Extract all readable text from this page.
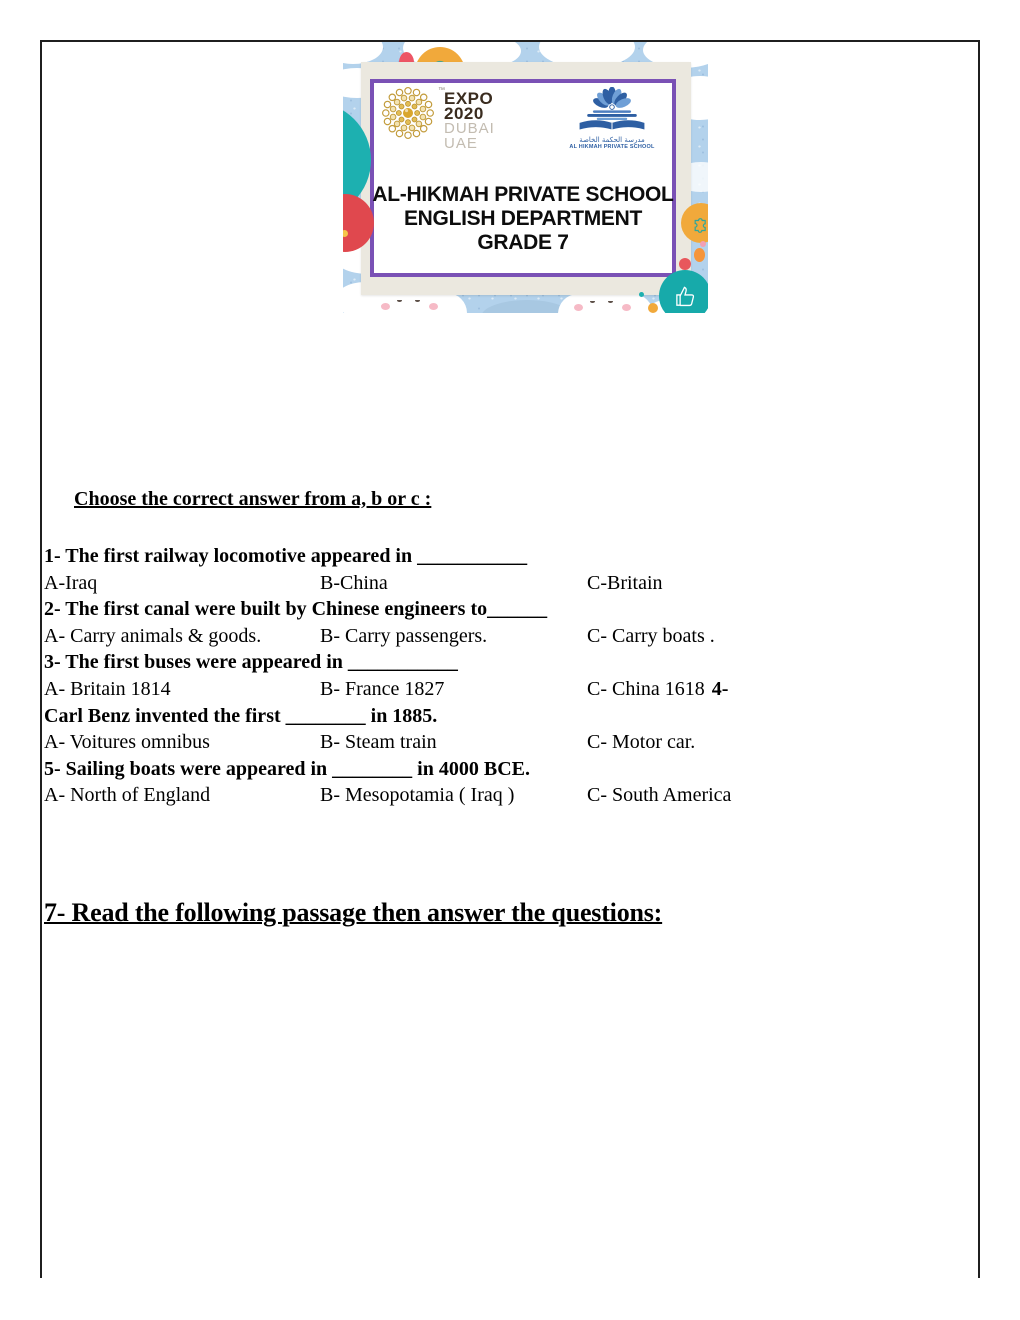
™ EXPO
2020
DUBAI
UAE	مدرسة الحكمة الخاصة
AL HIKMAH PRIVATE SCHOOL
AL-HIKMAH PRIVATE SCHOOL
ENGLISH DEPARTMENT
GRADE 7
Choose the correct answer from a, b or c :
1- The first railway locomotive appeared in ___________
A-Iraq	B-China	C-Britain
2- The first canal were built by Chinese engineers to______
A- Carry animals & goods.	B- Carry passengers.	C- Carry boats .
3- The first buses were appeared in ___________
A- Britain 1814	B- France 1827	C- China 1618 4-
Carl Benz invented the first ________ in 1885.
A- Voitures omnibus	B- Steam train	C- Motor car.
5- Sailing boats were appeared in ________ in 4000 BCE.
A- North of England	B- Mesopotamia ( Iraq )	C- South America
7- Read the following passage then answer the questions:
